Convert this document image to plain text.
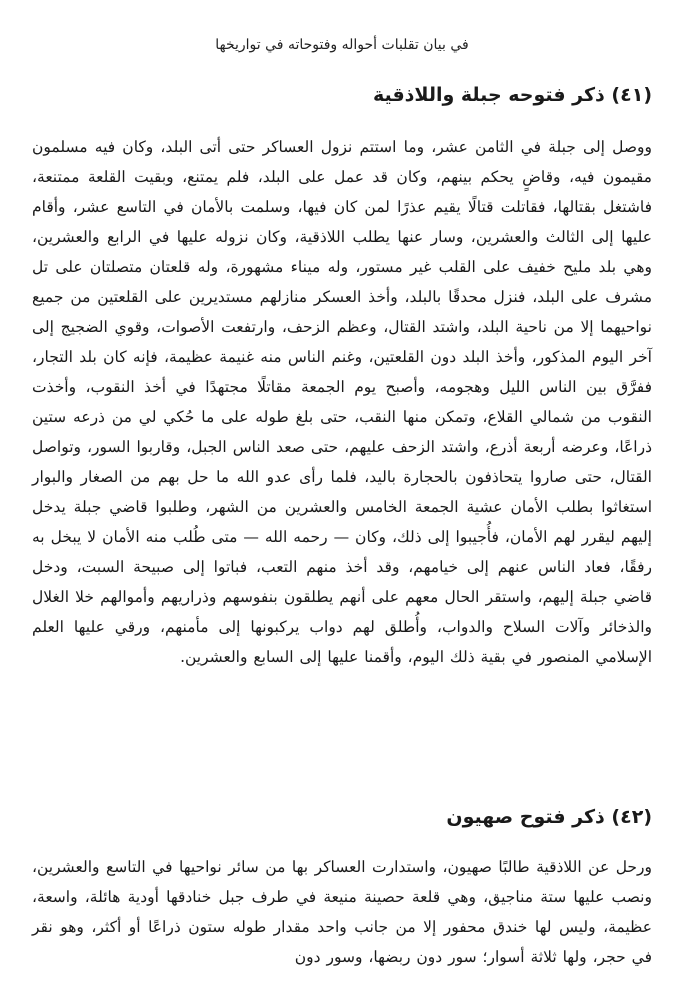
في بيان تقلبات أحواله وفتوحاته في تواريخها
(٤١) ذكر فتوحه جبلة واللاذقية

ووصل إلى جبلة في الثامن عشر، وما استتم نزول العساكر حتى أتى البلد، وكان فيه مسلمون مقيمون فيه، وقاضٍ يحكم بينهم، وكان قد عمل على البلد، فلم يمتنع، وبقيت القلعة ممتنعة، فاشتغل بقتالها، فقاتلت قتالًا يقيم عذرًا لمن كان فيها، وسلمت بالأمان في التاسع عشر، وأقام عليها إلى الثالث والعشرين، وسار عنها يطلب اللاذقية، وكان نزوله عليها في الرابع والعشرين، وهي بلد مليح خفيف على القلب غير مستور، وله ميناء مشهورة، وله قلعتان متصلتان على تل مشرف على البلد، فنزل محدقًا بالبلد، وأخذ العسكر منازلهم مستديرين على القلعتين من جميع نواحيهما إلا من ناحية البلد، واشتد القتال، وعظم الزحف، وارتفعت الأصوات، وقوي الضجيج إلى آخر اليوم المذكور، وأخذ البلد دون القلعتين، وغنم الناس منه غنيمة عظيمة، فإنه كان بلد التجار، ففرَّق بين الناس الليل وهجومه، وأصبح يوم الجمعة مقاتلًا مجتهدًا في أخذ النقوب، وأخذت النقوب من شمالي القلاع، وتمكن منها النقب، حتى بلغ طوله على ما حُكي لي من ذرعه ستين ذراعًا، وعرضه أربعة أذرع، واشتد الزحف عليهم، حتى صعد الناس الجبل، وقاربوا السور، وتواصل القتال، حتى صاروا يتحاذفون بالحجارة باليد، فلما رأى عدو الله ما حل بهم من الصغار والبوار استغاثوا بطلب الأمان عشية الجمعة الخامس والعشرين من الشهر، وطلبوا قاضي جبلة يدخل إليهم ليقرر لهم الأمان، فأُجيبوا إلى ذلك، وكان — رحمه الله — متى طُلب منه الأمان لا يبخل به رفقًا، فعاد الناس عنهم إلى خيامهم، وقد أخذ منهم التعب، فباتوا إلى صبيحة السبت، ودخل قاضي جبلة إليهم، واستقر الحال معهم على أنهم يطلقون بنفوسهم وذراريهم وأموالهم خلا الغلال والذخائر وآلات السلاح والدواب، وأُطلق لهم دواب يركبونها إلى مأمنهم، ورقي عليها العلم الإسلامي المنصور في بقية ذلك اليوم، وأقمنا عليها إلى السابع والعشرين.

(٤٢) ذكر فتوح صهيون

ورحل عن اللاذقية طالبًا صهيون، واستدارت العساكر بها من سائر نواحيها في التاسع والعشرين، ونصب عليها ستة مناجيق، وهي قلعة حصينة منيعة في طرف جبل خنادقها أودية هائلة، واسعة، عظيمة، وليس لها خندق محفور إلا من جانب واحد مقدار طوله ستون ذراعًا أو أكثر، وهو نقر في حجر، ولها ثلاثة أسوار؛ سور دون ربضها، وسور دون
